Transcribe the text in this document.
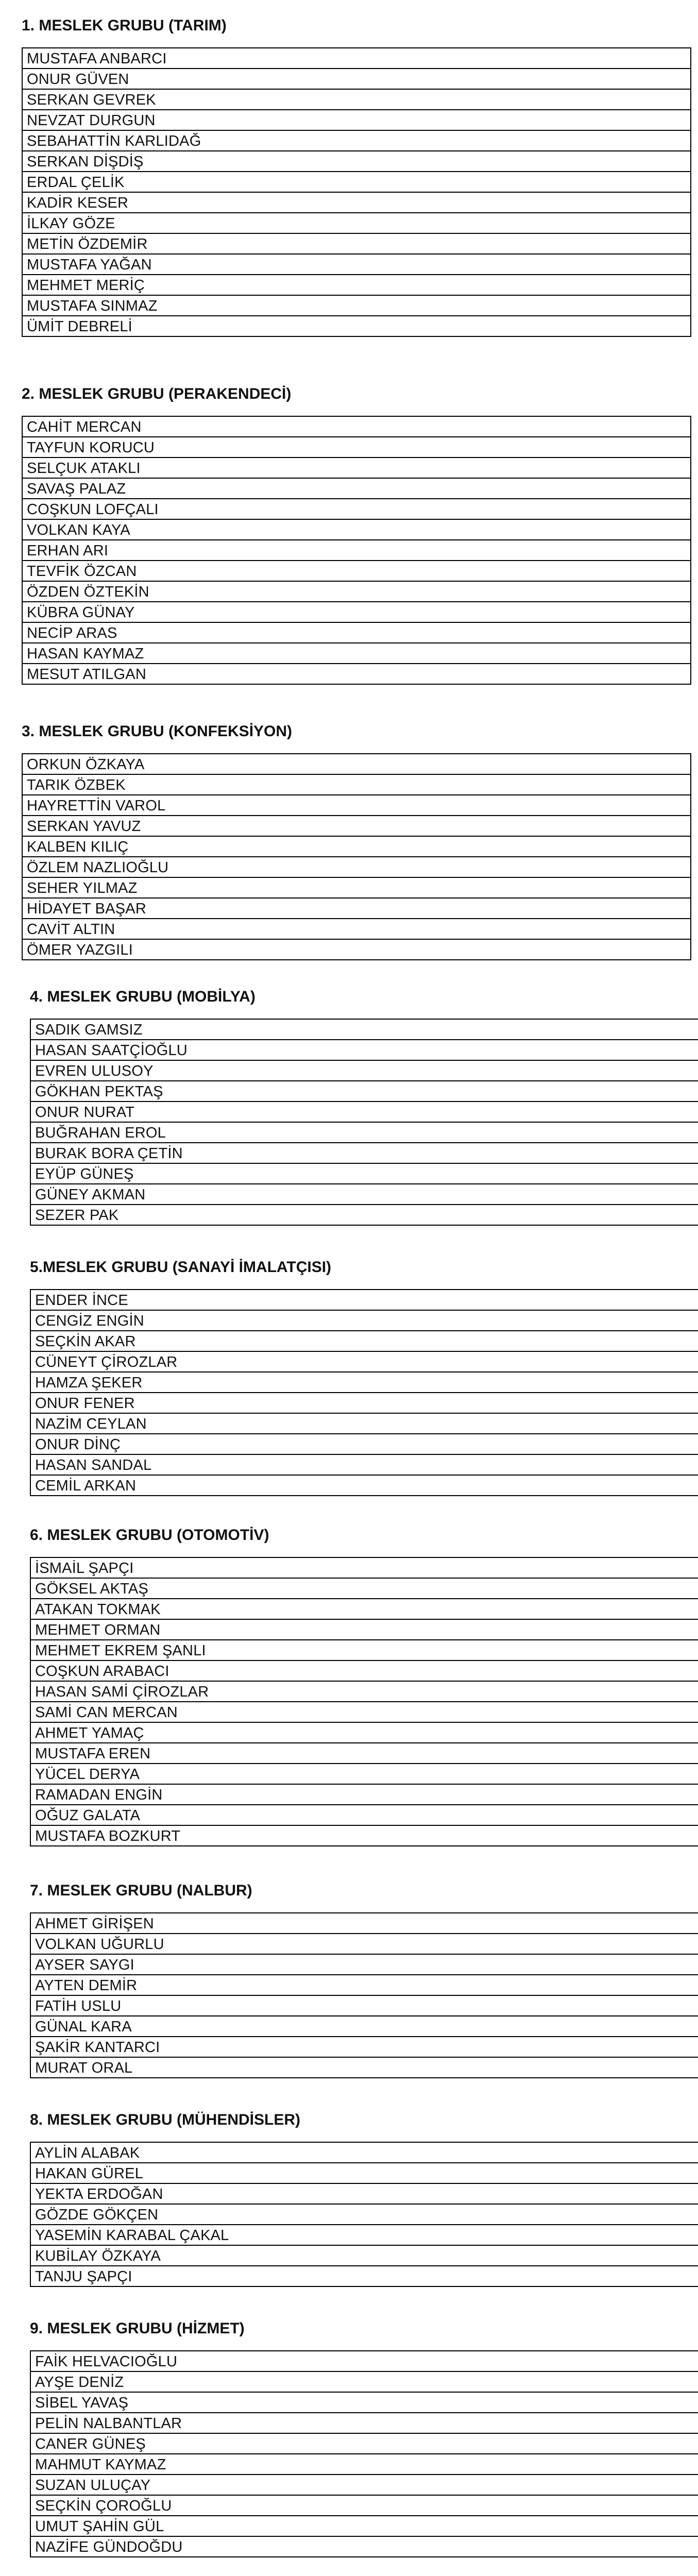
1. MESLEK GRUBU (TARIM)
MUSTAFA ANBARCI
ONUR GÜVEN
SERKAN GEVREK
NEVZAT DURGUN
SEBAHATTİN KARLIDAĞ
SERKAN DİŞDİŞ
ERDAL ÇELİK
KADİR KESER
İLKAY GÖZE
METİN ÖZDEMİR
MUSTAFA YAĞAN
MEHMET MERİÇ
MUSTAFA SINMAZ
ÜMİT DEBRELİ
2. MESLEK GRUBU (PERAKENDECİ)
CAHİT MERCAN
TAYFUN KORUCU
SELÇUK ATAKLI
SAVAŞ PALAZ
COŞKUN LOFÇALI
VOLKAN KAYA
ERHAN ARI
TEVFİK ÖZCAN
ÖZDEN ÖZTEKİN
KÜBRA GÜNAY
NECİP ARAS
HASAN KAYMAZ
MESUT ATILGAN
3. MESLEK GRUBU (KONFEKSİYON)
ORKUN ÖZKAYA
TARIK ÖZBEK
HAYRETTİN VAROL
SERKAN YAVUZ
KALBEN KILIÇ
ÖZLEM NAZLIOĞLU
SEHER YILMAZ
HİDAYET BAŞAR
CAVİT ALTIN
ÖMER YAZGILI
4. MESLEK GRUBU (MOBİLYA)
SADIK GAMSIZ
HASAN SAATÇİOĞLU
EVREN ULUSOY
GÖKHAN PEKTAŞ
ONUR NURAT
BUĞRAHAN EROL
BURAK BORA ÇETİN
EYÜP GÜNEŞ
GÜNEY AKMAN
SEZER PAK
5.MESLEK GRUBU (SANAYİ İMALATÇISI)
ENDER İNCE
CENGİZ ENGİN
SEÇKİN AKAR
CÜNEYT ÇİROZLAR
HAMZA ŞEKER
ONUR FENER
NAZİM CEYLAN
ONUR DİNÇ
HASAN SANDAL
CEMİL ARKAN
6. MESLEK GRUBU (OTOMOTİV)
İSMAİL ŞAPÇI
GÖKSEL AKTAŞ
ATAKAN TOKMAK
MEHMET ORMAN
MEHMET EKREM ŞANLI
COŞKUN ARABACI
HASAN SAMİ ÇİROZLAR
SAMİ CAN MERCAN
AHMET YAMAÇ
MUSTAFA EREN
YÜCEL DERYA
RAMADAN ENGİN
OĞUZ GALATA
MUSTAFA BOZKURT
7. MESLEK GRUBU (NALBUR)
AHMET GİRİŞEN
VOLKAN UĞURLU
AYSER SAYGI
AYTEN DEMİR
FATİH USLU
GÜNAL KARA
ŞAKİR KANTARCI
MURAT ORAL
8. MESLEK GRUBU (MÜHENDİSLER)
AYLİN ALABAK
HAKAN GÜREL
YEKTA ERDOĞAN
GÖZDE GÖKÇEN
YASEMİN KARABAL ÇAKAL
KUBİLAY ÖZKAYA
TANJU ŞAPÇI
9. MESLEK GRUBU (HİZMET)
FAİK HELVACIOĞLU
AYŞE DENİZ
SİBEL YAVAŞ
PELİN NALBANTLAR
CANER GÜNEŞ
MAHMUT KAYMAZ
SUZAN ULUÇAY
SEÇKİN ÇOROĞLU
UMUT ŞAHİN GÜL
NAZİFE GÜNDOĞDU
